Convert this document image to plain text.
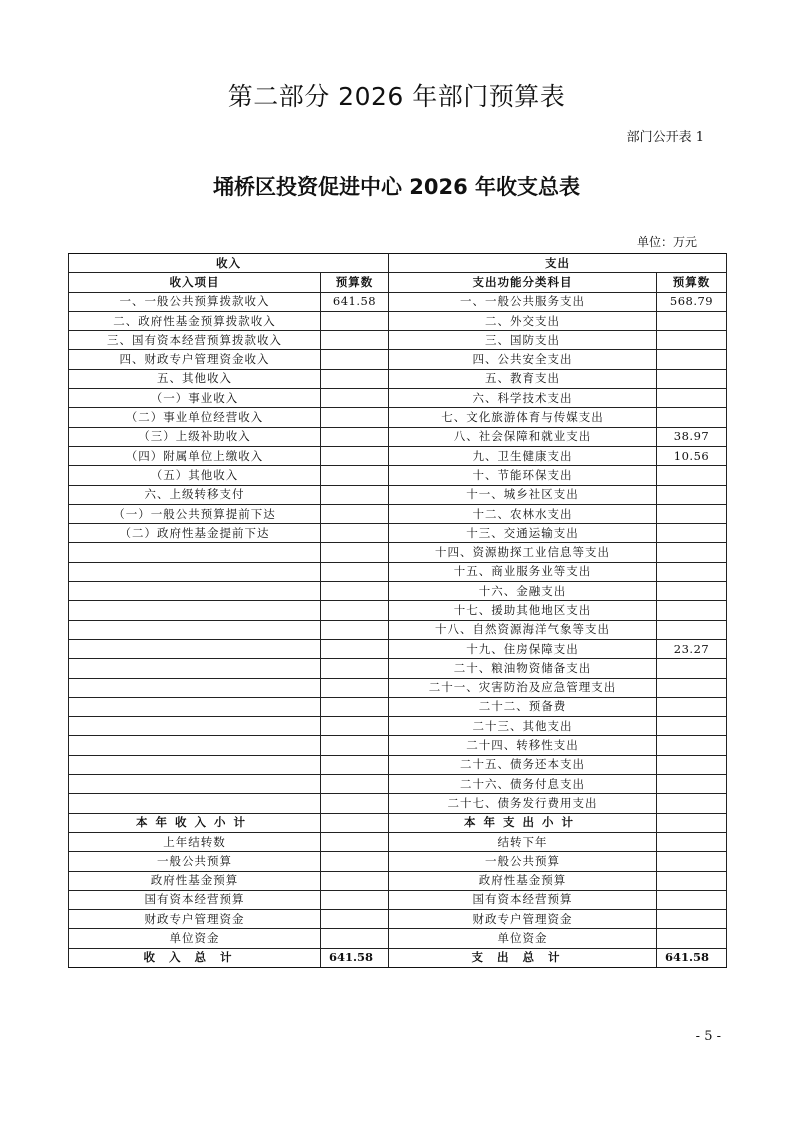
第二部分 2026 年部门预算表
部门公开表 1
埇桥区投资促进中心 2026 年收支总表
单位：万元
收入		支出	
收入项目	预算数	支出功能分类科目	预算数
一、一般公共预算拨款收入	641.58	一、一般公共服务支出	568.79
二、政府性基金预算拨款收入		二、外交支出	
三、国有资本经营预算拨款收入		三、国防支出	
四、财政专户管理资金收入		四、公共安全支出	
五、其他收入		五、教育支出	
（一）事业收入		六、科学技术支出	
（二）事业单位经营收入		七、文化旅游体育与传媒支出	
（三）上级补助收入		八、社会保障和就业支出	38.97
（四）附属单位上缴收入		九、卫生健康支出	10.56
（五）其他收入		十、节能环保支出	
六、上级转移支付		十一、城乡社区支出	
（一）一般公共预算提前下达		十二、农林水支出	
（二）政府性基金提前下达		十三、交通运输支出	
		十四、资源勘探工业信息等支出	
		十五、商业服务业等支出	
		十六、金融支出	
		十七、援助其他地区支出	
		十八、自然资源海洋气象等支出	
		十九、住房保障支出	23.27
		二十、粮油物资储备支出	
		二十一、灾害防治及应急管理支出	
		二十二、预备费	
		二十三、其他支出	
		二十四、转移性支出	
		二十五、债务还本支出	
		二十六、债务付息支出	
		二十七、债务发行费用支出	
本年收入小计		本年支出小计	
上年结转数		结转下年	
一般公共预算		一般公共预算	
政府性基金预算		政府性基金预算	
国有资本经营预算		国有资本经营预算	
财政专户管理资金		财政专户管理资金	
单位资金		单位资金	
收入总计	641.58	支出总计	641.58
- 5 -
